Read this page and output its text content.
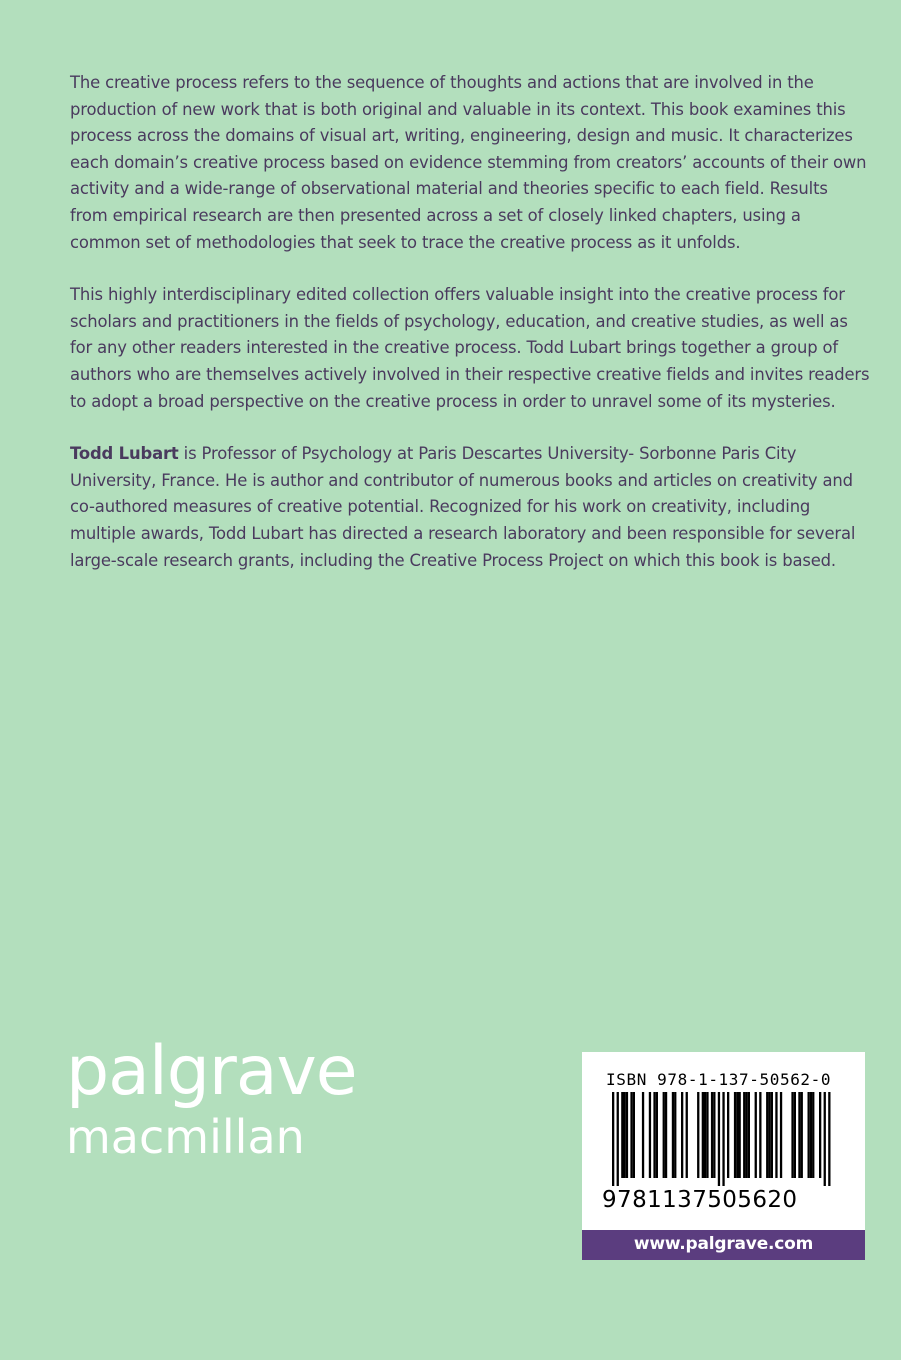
The creative process refers to the sequence of thoughts and actions that are involved in the production of new work that is both original and valuable in its context. This book examines this process across the domains of visual art, writing, engineering, design and music. It characterizes each domain’s creative process based on evidence stemming from creators’ accounts of their own activity and a wide-range of observational material and theories specific to each field. Results from empirical research are then presented across a set of closely linked chapters, using a common set of methodologies that seek to trace the creative process as it unfolds.

This highly interdisciplinary edited collection offers valuable insight into the creative process for scholars and practitioners in the fields of psychology, education, and creative studies, as well as for any other readers interested in the creative process. Todd Lubart brings together a group of authors who are themselves actively involved in their respective creative fields and invites readers to adopt a broad perspective on the creative process in order to unravel some of its mysteries.

Todd Lubart is Professor of Psychology at Paris Descartes University- Sorbonne Paris City University, France. He is author and contributor of numerous books and articles on creativity and co-authored measures of creative potential. Recognized for his work on creativity, including multiple awards, Todd Lubart has directed a research laboratory and been responsible for several large-scale research grants, including the Creative Process Project on which this book is based.

palgrave
macmillan
ISBN 978-1-137-50562-0
9781137505620
www.palgrave.com
